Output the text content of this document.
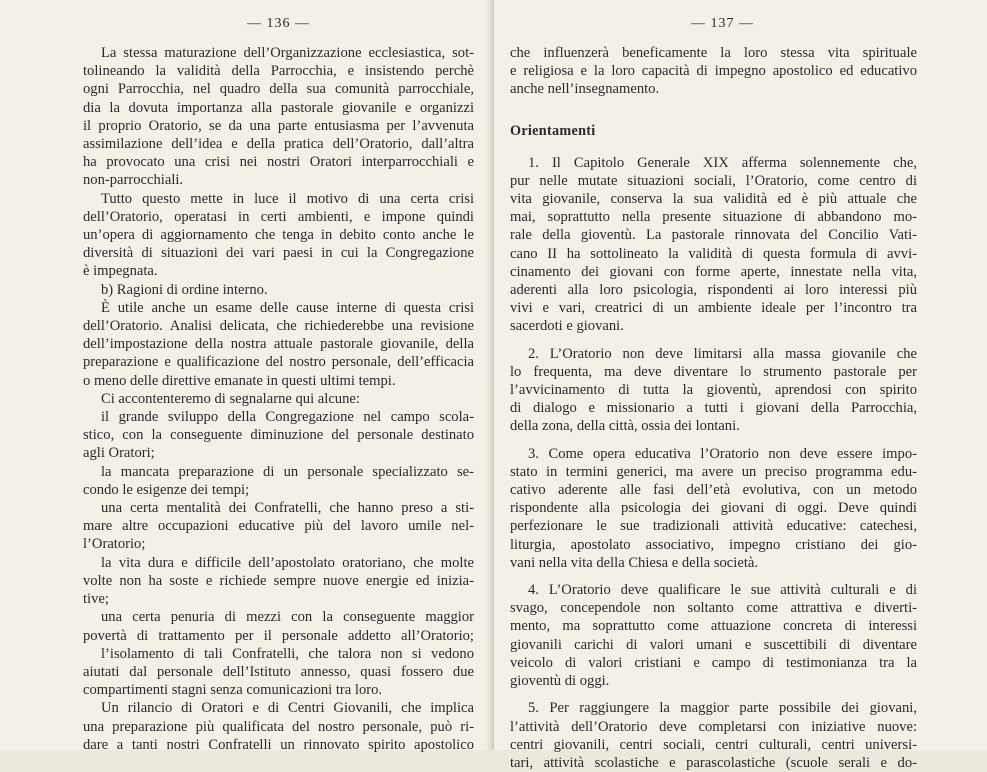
— 136 —
La stessa maturazione dell’Organizzazione ecclesiastica, sot-
tolineando la validità della Parrocchia, e insistendo perchè
ogni Parrocchia, nel quadro della sua comunità parrocchiale,
dia la dovuta importanza alla pastorale giovanile e organizzi
il proprio Oratorio, se da una parte entusiasma per l’avvenuta
assimilazione dell’idea e della pratica dell’Oratorio, dall’altra
ha provocato una crisi nei nostri Oratori interparrocchiali e
non-parrocchiali.
Tutto questo mette in luce il motivo di una certa crisi
dell’Oratorio, operatasi in certi ambienti, e impone quindi
un’opera di aggiornamento che tenga in debito conto anche le
diversità di situazioni dei vari paesi in cui la Congregazione
è impegnata.
b) Ragioni di ordine interno.
È utile anche un esame delle cause interne di questa crisi
dell’Oratorio. Analisi delicata, che richiederebbe una revisione
dell’impostazione della nostra attuale pastorale giovanile, della
preparazione e qualificazione del nostro personale, dell’efficacia
o meno delle direttive emanate in questi ultimi tempi.
Ci accontenteremo di segnalarne qui alcune:
il grande sviluppo della Congregazione nel campo scola-
stico, con la conseguente diminuzione del personale destinato
agli Oratori;
la mancata preparazione di un personale specializzato se-
condo le esigenze dei tempi;
una certa mentalità dei Confratelli, che hanno preso a sti-
mare altre occupazioni educative più del lavoro umile nel-
l’Oratorio;
la vita dura e difficile dell’apostolato oratoriano, che molte
volte non ha soste e richiede sempre nuove energie ed inizia-
tive;
una certa penuria di mezzi con la conseguente maggior
povertà di trattamento per il personale addetto all’Oratorio;
l’isolamento di tali Confratelli, che talora non si vedono
aiutati dal personale dell’Istituto annesso, quasi fossero due
compartimenti stagni senza comunicazioni tra loro.
Un rilancio di Oratori e di Centri Giovanili, che implica
una preparazione più qualificata del nostro personale, può ri-
dare a tanti nostri Confratelli un rinnovato spirito apostolico
— 137 —
che influenzerà beneficamente la loro stessa vita spirituale
e religiosa e la loro capacità di impegno apostolico ed educativo
anche nell’insegnamento.
Orientamenti
1. Il Capitolo Generale XIX afferma solennemente che,
pur nelle mutate situazioni sociali, l’Oratorio, come centro di
vita giovanile, conserva la sua validità ed è più attuale che
mai, soprattutto nella presente situazione di abbandono mo-
rale della gioventù. La pastorale rinnovata del Concilio Vati-
cano II ha sottolineato la validità di questa formula di avvi-
cinamento dei giovani con forme aperte, innestate nella vita,
aderenti alla loro psicologia, rispondenti ai loro interessi più
vivi e vari, creatrici di un ambiente ideale per l’incontro tra
sacerdoti e giovani.
2. L’Oratorio non deve limitarsi alla massa giovanile che
lo frequenta, ma deve diventare lo strumento pastorale per
l’avvicinamento di tutta la gioventù, aprendosi con spirito
di dialogo e missionario a tutti i giovani della Parrocchia,
della zona, della città, ossia dei lontani.
3. Come opera educativa l’Oratorio non deve essere impo-
stato in termini generici, ma avere un preciso programma edu-
cativo aderente alle fasi dell’età evolutiva, con un metodo
rispondente alla psicologia dei giovani di oggi. Deve quindi
perfezionare le sue tradizionali attività educative: catechesi,
liturgia, apostolato associativo, impegno cristiano dei gio-
vani nella vita della Chiesa e della società.
4. L’Oratorio deve qualificare le sue attività culturali e di
svago, concependole non soltanto come attrattiva e diverti-
mento, ma soprattutto come attuazione concreta di interessi
giovanili carichi di valori umani e suscettibili di diventare
veicolo di valori cristiani e campo di testimonianza tra la
gioventù di oggi.
5. Per raggiungere la maggior parte possibile dei giovani,
l’attività dell’Oratorio deve completarsi con iniziative nuove:
centri giovanili, centri sociali, centri culturali, centri universi-
tari, attività scolastiche e parascolastiche (scuole serali e do-
